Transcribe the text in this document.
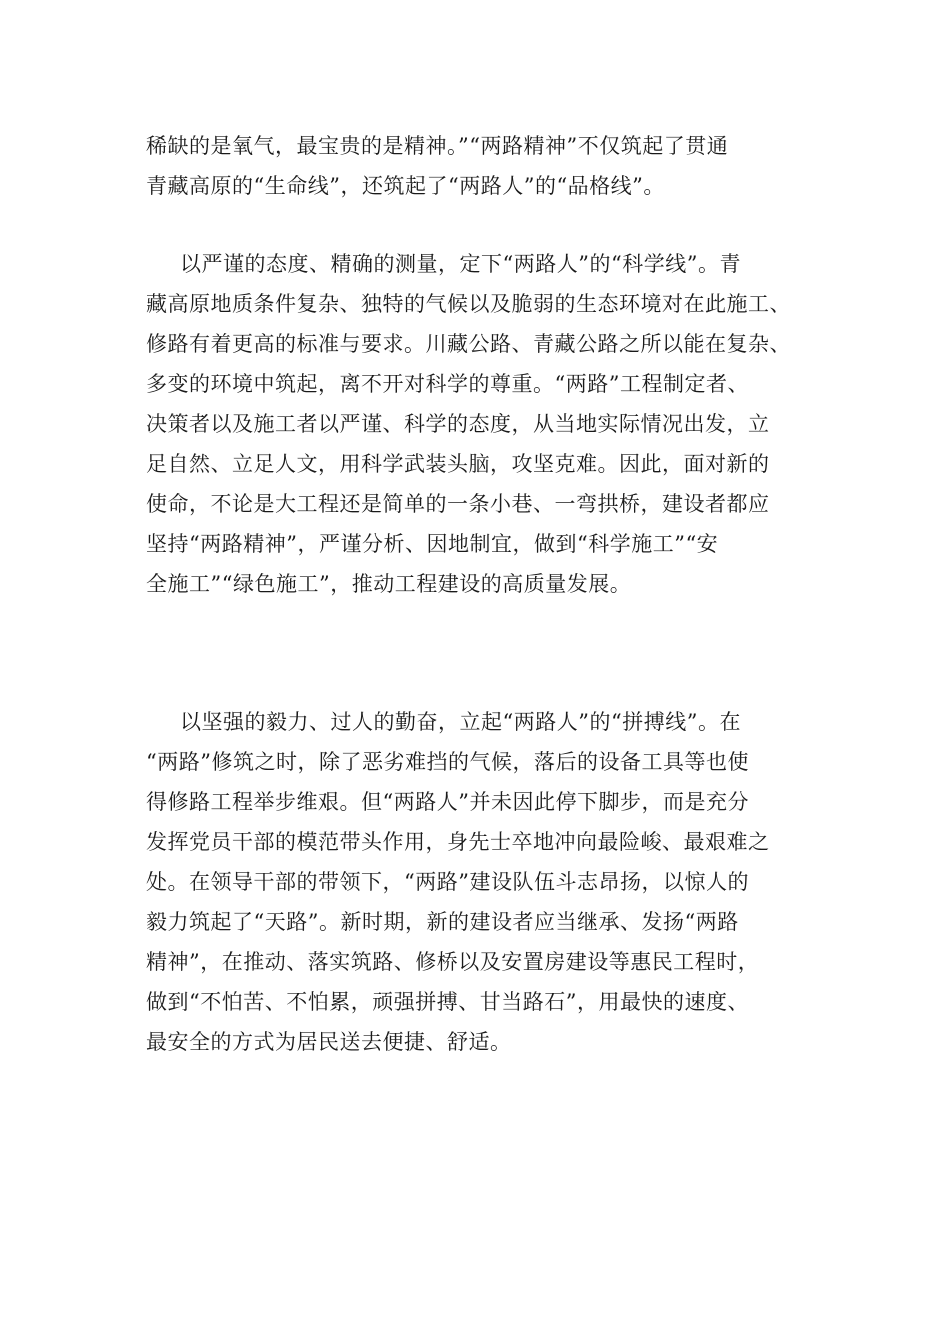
稀缺的是氧气，最宝贵的是精神。”“两路精神”不仅筑起了贯通
青藏高原的“生命线”，还筑起了“两路人”的“品格线”。
以严谨的态度、精确的测量，定下“两路人”的“科学线”。青
藏高原地质条件复杂、独特的气候以及脆弱的生态环境对在此施工、
修路有着更高的标准与要求。川藏公路、青藏公路之所以能在复杂、
多变的环境中筑起，离不开对科学的尊重。“两路”工程制定者、
决策者以及施工者以严谨、科学的态度，从当地实际情况出发，立
足自然、立足人文，用科学武装头脑，攻坚克难。因此，面对新的
使命，不论是大工程还是简单的一条小巷、一弯拱桥，建设者都应
坚持“两路精神”，严谨分析、因地制宜，做到“科学施工”“安
全施工”“绿色施工”，推动工程建设的高质量发展。
以坚强的毅力、过人的勤奋，立起“两路人”的“拼搏线”。在
“两路”修筑之时，除了恶劣难挡的气候，落后的设备工具等也使
得修路工程举步维艰。但“两路人”并未因此停下脚步，而是充分
发挥党员干部的模范带头作用，身先士卒地冲向最险峻、最艰难之
处。在领导干部的带领下，“两路”建设队伍斗志昂扬，以惊人的
毅力筑起了“天路”。新时期，新的建设者应当继承、发扬“两路
精神”，在推动、落实筑路、修桥以及安置房建设等惠民工程时，
做到“不怕苦、不怕累，顽强拼搏、甘当路石”，用最快的速度、
最安全的方式为居民送去便捷、舒适。
